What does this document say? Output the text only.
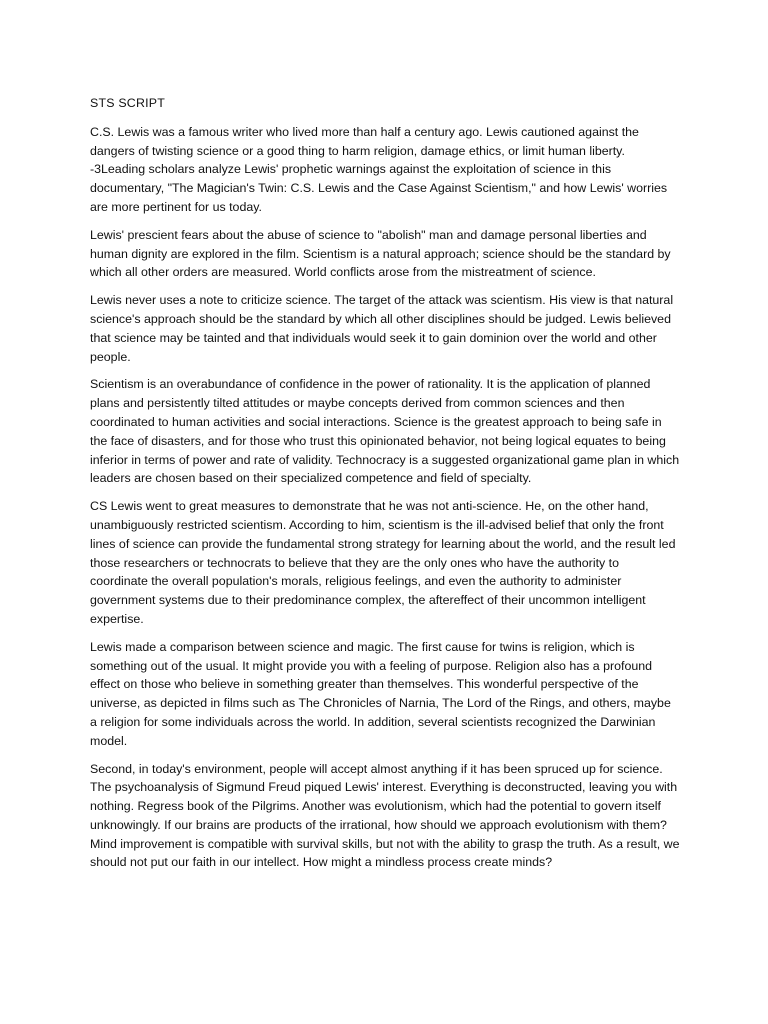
STS SCRIPT

C.S. Lewis was a famous writer who lived more than half a century ago. Lewis cautioned against the dangers of twisting science or a good thing to harm religion, damage ethics, or limit human liberty. -3Leading scholars analyze Lewis' prophetic warnings against the exploitation of science in this documentary, "The Magician's Twin: C.S. Lewis and the Case Against Scientism," and how Lewis' worries are more pertinent for us today.

Lewis' prescient fears about the abuse of science to "abolish" man and damage personal liberties and human dignity are explored in the film. Scientism is a natural approach; science should be the standard by which all other orders are measured. World conflicts arose from the mistreatment of science.

Lewis never uses a note to criticize science. The target of the attack was scientism. His view is that natural science's approach should be the standard by which all other disciplines should be judged. Lewis believed that science may be tainted and that individuals would seek it to gain dominion over the world and other people.

Scientism is an overabundance of confidence in the power of rationality. It is the application of planned plans and persistently tilted attitudes or maybe concepts derived from common sciences and then coordinated to human activities and social interactions. Science is the greatest approach to being safe in the face of disasters, and for those who trust this opinionated behavior, not being logical equates to being inferior in terms of power and rate of validity. Technocracy is a suggested organizational game plan in which leaders are chosen based on their specialized competence and field of specialty.

CS Lewis went to great measures to demonstrate that he was not anti-science. He, on the other hand, unambiguously restricted scientism. According to him, scientism is the ill-advised belief that only the front lines of science can provide the fundamental strong strategy for learning about the world, and the result led those researchers or technocrats to believe that they are the only ones who have the authority to coordinate the overall population's morals, religious feelings, and even the authority to administer government systems due to their predominance complex, the aftereffect of their uncommon intelligent expertise.

Lewis made a comparison between science and magic. The first cause for twins is religion, which is something out of the usual. It might provide you with a feeling of purpose. Religion also has a profound effect on those who believe in something greater than themselves. This wonderful perspective of the universe, as depicted in films such as The Chronicles of Narnia, The Lord of the Rings, and others, maybe a religion for some individuals across the world. In addition, several scientists recognized the Darwinian model.

Second, in today's environment, people will accept almost anything if it has been spruced up for science. The psychoanalysis of Sigmund Freud piqued Lewis' interest. Everything is deconstructed, leaving you with nothing. Regress book of the Pilgrims. Another was evolutionism, which had the potential to govern itself unknowingly. If our brains are products of the irrational, how should we approach evolutionism with them? Mind improvement is compatible with survival skills, but not with the ability to grasp the truth. As a result, we should not put our faith in our intellect. How might a mindless process create minds?
